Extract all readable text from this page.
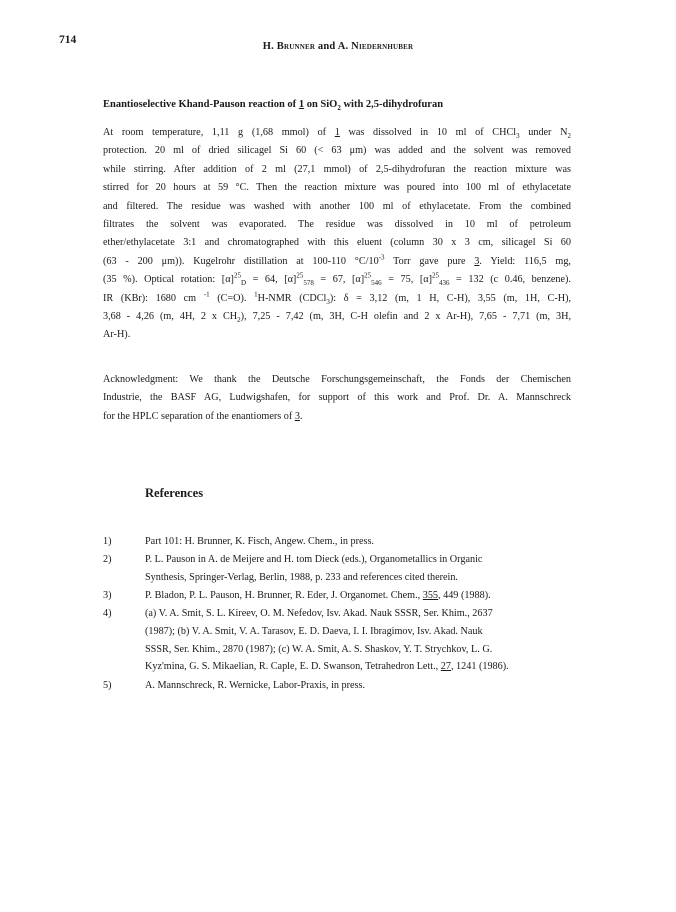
714
H. Brunner and A. Niedernhuber
Enantioselective Khand-Pauson reaction of 1 on SiO$_2$ with 2,5-dihydrofuran
At room temperature, 1,11 g (1,68 mmol) of 1 was dissolved in 10 ml of CHCl$_3$ under $N_2$
protection. 20 ml of dried silicagel Si 60 (< 63 μm) was added and the solvent was removed
while stirring. After addition of 2 ml (27,1 mmol) of 2,5-dihydrofuran the reaction mixture was
stirred for 20 hours at 59 °C. Then the reaction mixture was poured into 100 ml of ethylacetate
and filtered. The residue was washed with another 100 ml of ethylacetate. From the combined
filtrates the solvent was evaporated. The residue was dissolved in 10 ml of petroleum
ether/ethylacetate 3:1 and chromatographed with this eluent (column 30 x 3 cm, silicagel Si 60
(63 - 200 μm)). Kugelrohr distillation at 100-110 $^\circ C/10^{-3}$ Torr gave pure 3. Yield: 116,5 mg,
(35 %). Optical rotation: $[\alpha]^{25}_D = 64$, $[\alpha]^{25}_{578} = 67$, $[\alpha]^{25}_{546} = 75$, $[\alpha]^{25}_{436} = 132$ (c 0.46, benzene).
IR (KBr): 1680 cm $^{-1}$ (C=O). $^1$H-NMR (CDCl$_3$): δ = 3,12 (m, 1 H, C-H), 3,55 (m, 1H, C-H),
3,68 - 4,26 (m, 4H, 2 x $CH_2$), 7,25 - 7,42 (m, 3H, C-H olefin and 2 x Ar-H), 7,65 - 7,71 (m, 3H,
Ar-H).
Acknowledgment: We thank the Deutsche Forschungsgemeinschaft, the Fonds der Chemischen
Industrie, the BASF AG, Ludwigshafen, for support of this work and Prof. Dr. A. Mannschreck
for the HPLC separation of the enantiomers of 3.
References
1)	Part 101: H. Brunner, K. Fisch, Angew. Chem., in press.
2)	P. L. Pauson in A. de Meijere and H. tom Dieck (eds.), Organometallics in Organic
Synthesis, Springer-Verlag, Berlin, 1988, p. 233 and references cited therein.
3)	P. Bladon, P. L. Pauson, H. Brunner, R. Eder, J. Organomet. Chem., 355, 449 (1988).
4)	(a) V. A. Smit, S. L. Kireev, O. M. Nefedov, Isv. Akad. Nauk SSSR, Ser. Khim., 2637
(1987); (b) V. A. Smit, V. A. Tarasov, E. D. Daeva, I. I. Ibragimov, Isv. Akad. Nauk
SSSR, Ser. Khim., 2870 (1987); (c) W. A. Smit, A. S. Shaskov, Y. T. Strychkov, L. G.
Kyz'mina, G. S. Mikaelian, R. Caple, E. D. Swanson, Tetrahedron Lett., 27, 1241 (1986).
5)	A. Mannschreck, R. Wernicke, Labor-Praxis, in press.
